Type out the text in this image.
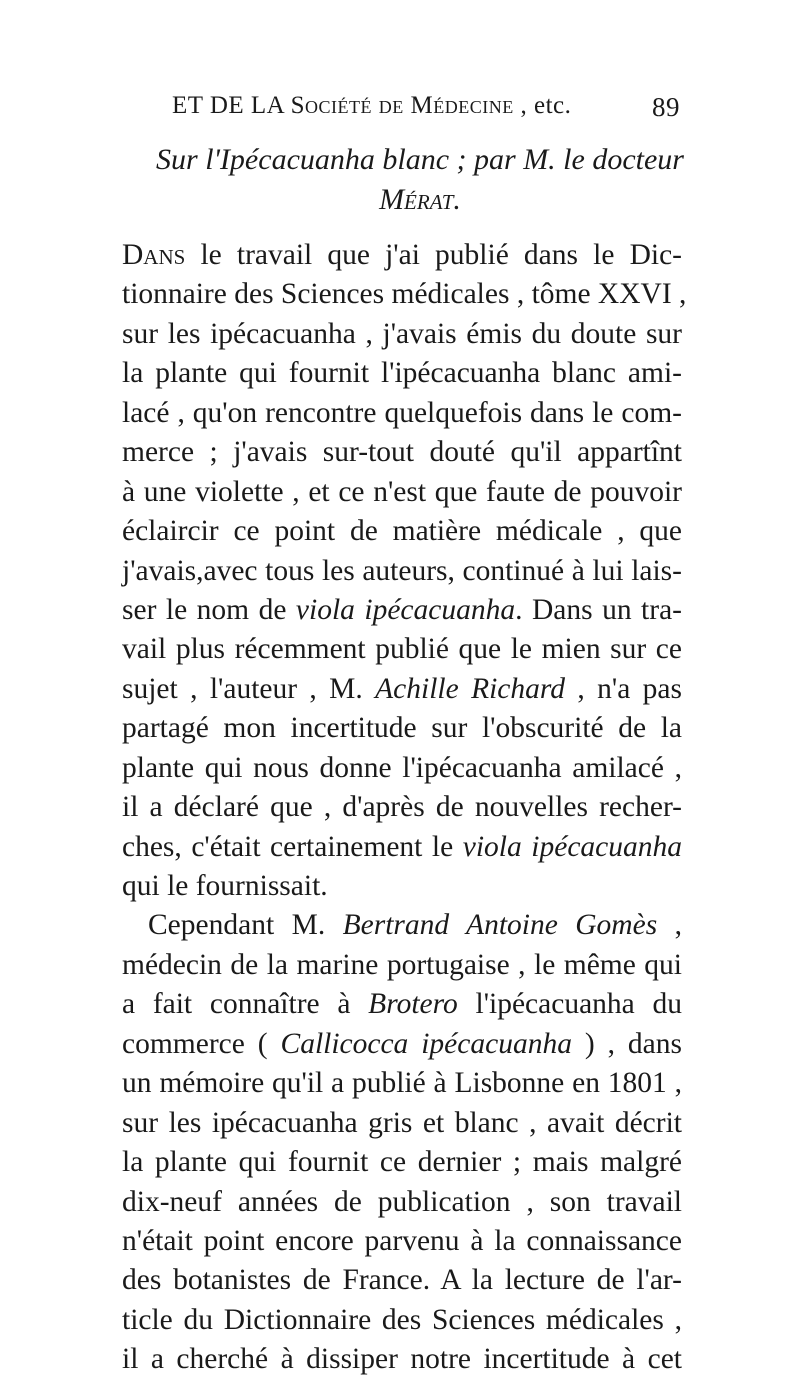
ET DE LA Société de Médecine , etc.	89
Sur l'Ipécacuanha blanc ; par M. le docteur
Mérat.
Dans le travail que j'ai publié dans le Dic-
tionnaire des Sciences médicales , tôme XXVI ,
sur les ipécacuanha , j'avais émis du doute sur
la plante qui fournit l'ipécacuanha blanc ami-
lacé , qu'on rencontre quelquefois dans le com-
merce ; j'avais sur-tout douté qu'il appartînt
à une violette , et ce n'est que faute de pouvoir
éclaircir ce point de matière médicale , que
j'avais,avec tous les auteurs, continué à lui lais-
ser le nom de viola ipécacuanha. Dans un tra-
vail plus récemment publié que le mien sur ce
sujet , l'auteur , M. Achille Richard , n'a pas
partagé mon incertitude sur l'obscurité de la
plante qui nous donne l'ipécacuanha amilacé ,
il a déclaré que , d'après de nouvelles recher-
ches, c'était certainement le viola ipécacuanha
qui le fournissait.
Cependant M. Bertrand Antoine Gomès ,
médecin de la marine portugaise , le même qui
a fait connaître à Brotero l'ipécacuanha du
commerce ( Callicocca ipécacuanha ) , dans
un mémoire qu'il a publié à Lisbonne en 1801 ,
sur les ipécacuanha gris et blanc , avait décrit
la plante qui fournit ce dernier ; mais malgré
dix-neuf années de publication , son travail
n'était point encore parvenu à la connaissance
des botanistes de France. A la lecture de l'ar-
ticle du Dictionnaire des Sciences médicales ,
il a cherché à dissiper notre incertitude à cet
